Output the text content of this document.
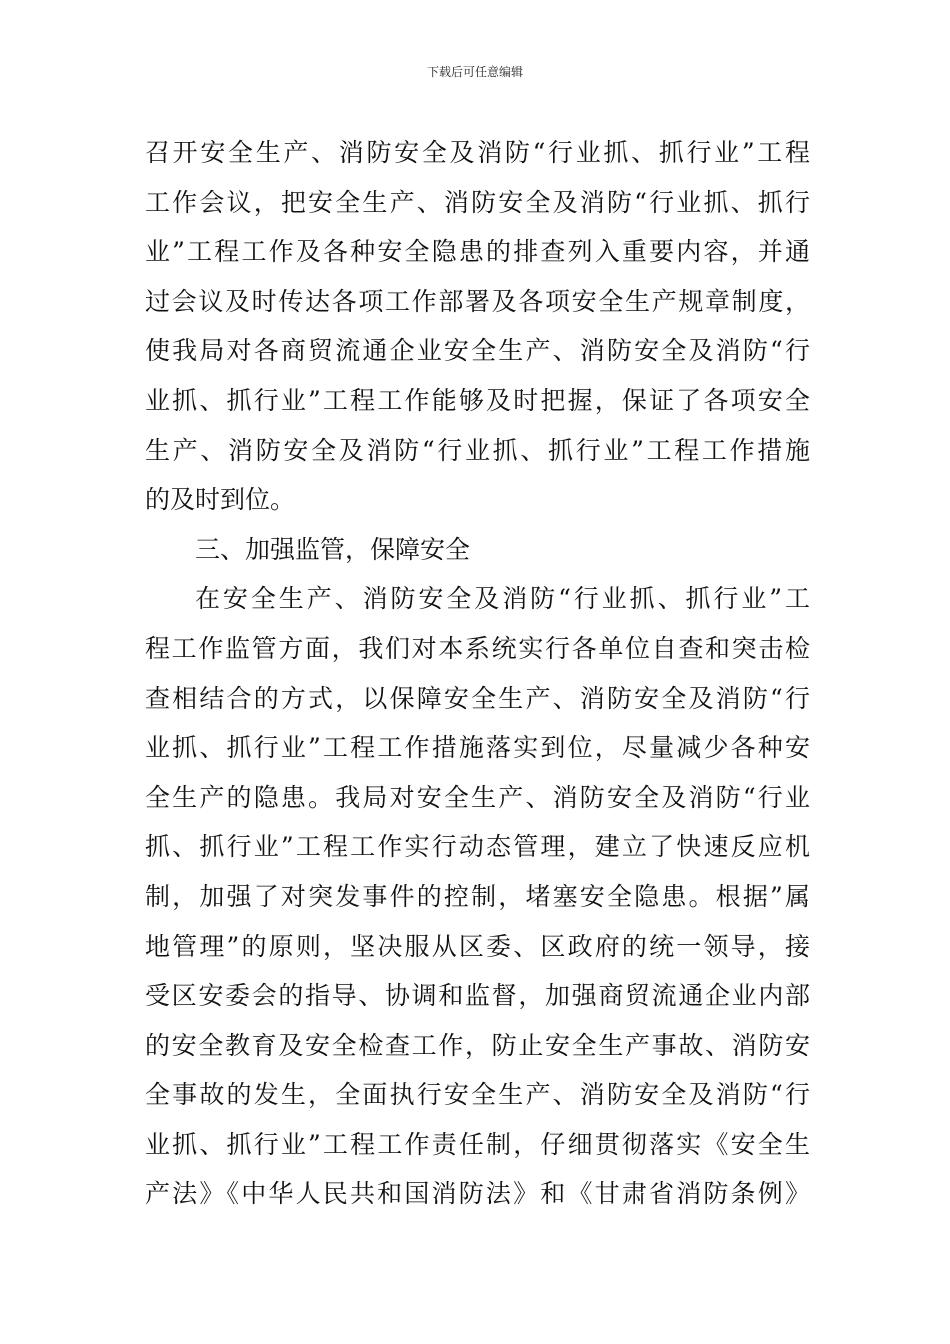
下载后可任意编辑
召开安全生产、消防安全及消防“行业抓、抓行业”工程
工作会议，把安全生产、消防安全及消防“行业抓、抓行
业”工程工作及各种安全隐患的排查列入重要内容，并通
过会议及时传达各项工作部署及各项安全生产规章制度，
使我局对各商贸流通企业安全生产、消防安全及消防“行
业抓、抓行业”工程工作能够及时把握，保证了各项安全
生产、消防安全及消防“行业抓、抓行业”工程工作措施
的及时到位。
三、加强监管，保障安全
在安全生产、消防安全及消防“行业抓、抓行业”工
程工作监管方面，我们对本系统实行各单位自查和突击检
查相结合的方式，以保障安全生产、消防安全及消防“行
业抓、抓行业”工程工作措施落实到位，尽量减少各种安
全生产的隐患。我局对安全生产、消防安全及消防“行业
抓、抓行业”工程工作实行动态管理，建立了快速反应机
制，加强了对突发事件的控制，堵塞安全隐患。根据”属
地管理”的原则，坚决服从区委、区政府的统一领导，接
受区安委会的指导、协调和监督，加强商贸流通企业内部
的安全教育及安全检查工作，防止安全生产事故、消防安
全事故的发生，全面执行安全生产、消防安全及消防“行
业抓、抓行业”工程工作责任制，仔细贯彻落实《安全生
产法》《中华人民共和国消防法》和《甘肃省消防条例》
